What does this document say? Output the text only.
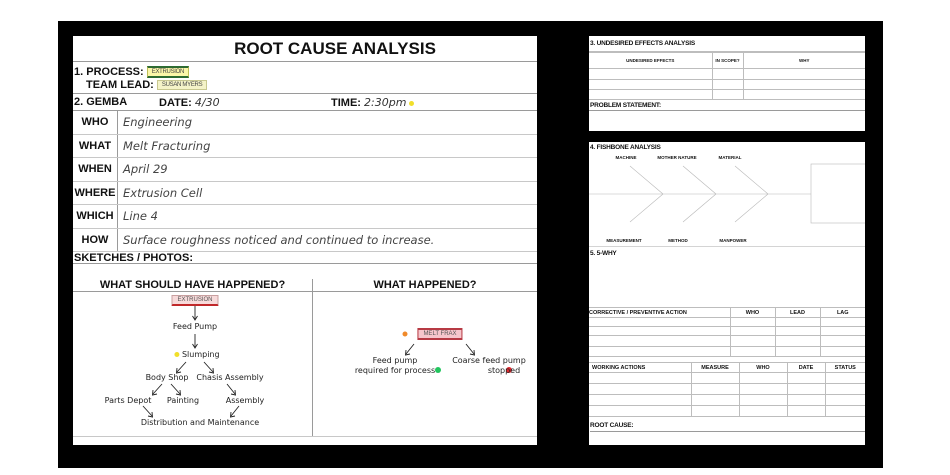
ROOT CAUSE ANALYSIS
1. PROCESS: EXTRUSION
TEAM LEAD: SUSAN MYERS
2. GEMBA	DATE: 4/30	TIME: 2:30pm
WHO	Engineering
WHAT	Melt Fracturing
WHEN April 29
WHERE Extrusion Cell
WHICH Line 4
HOW	Surface roughness noticed and continued to increase.
SKETCHES / PHOTOS:
WHAT SHOULD HAVE HAPPENED?
EXTRUSION
Feed Pump
Slumping
Body Shop Chasis Assembly
Parts Depot Painting	Assembly
Distribution and Maintenance
WHAT HAPPENED?
MELT FRAX
Feed pump
required for process
Coarse feed pump
stopped
3. UNDESIRED EFFECTS ANALYSIS
UNDESIRED EFFECTS	IN SCOPE?	WHY

PROBLEM STATEMENT:
4. FISHBONE ANALYSIS
MACHINE	MOTHER NATURE	MATERIAL
MEASUREMENT	METHOD	MANPOWER
5. 5-WHY
CORRECTIVE / PREVENTIVE ACTION	WHO	LEAD	LAG

WORKING ACTIONS	MEASURE	WHO	DATE	STATUS

ROOT CAUSE:
